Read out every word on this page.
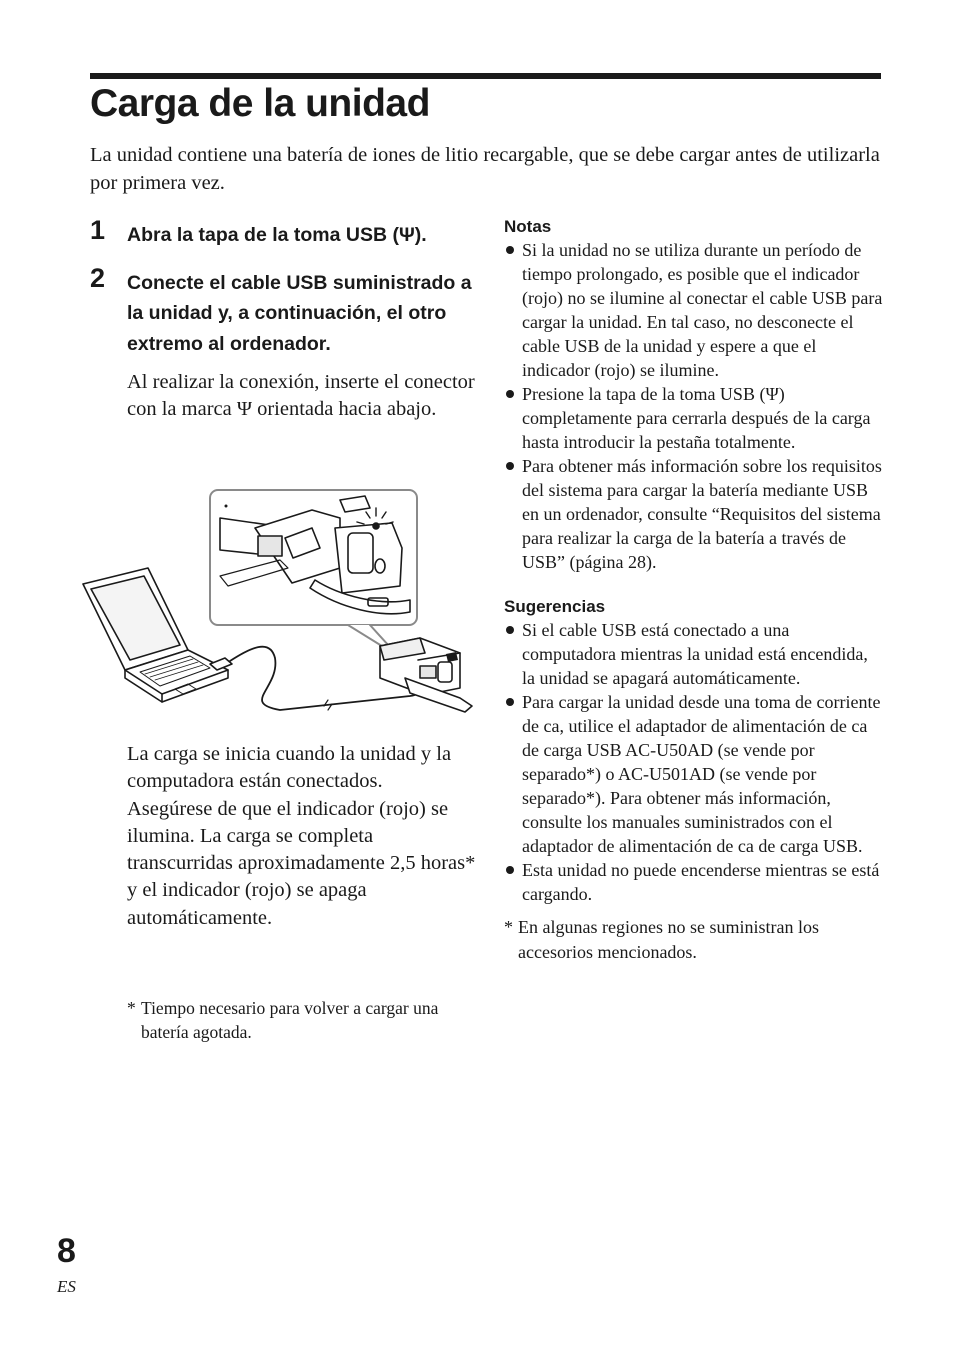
Carga de la unidad

La unidad contiene una batería de iones de litio recargable, que se debe cargar antes de utilizarla por primera vez.

1 Abra la tapa de la toma USB (Ψ).

2 Conecte el cable USB suministrado a la unidad y, a continuación, el otro extremo al ordenador.

Al realizar la conexión, inserte el conector con la marca Ψ orientada hacia abajo.

La carga se inicia cuando la unidad y la computadora están conectados.
Asegúrese de que el indicador (rojo) se ilumina. La carga se completa transcurridas aproximadamente 2,5 horas* y el indicador (rojo) se apaga automáticamente.
* Tiempo necesario para volver a cargar una batería agotada.
Notas
Si la unidad no se utiliza durante un período de tiempo prolongado, es posible que el indicador (rojo) no se ilumine al conectar el cable USB para cargar la unidad. En tal caso, no desconecte el cable USB de la unidad y espere a que el indicador (rojo) se ilumine.
Presione la tapa de la toma USB (Ψ) completamente para cerrarla después de la carga hasta introducir la pestaña totalmente.
Para obtener más información sobre los requisitos del sistema para cargar la batería mediante USB en un ordenador, consulte “Requisitos del sistema para realizar la carga de la batería a través de USB” (página 28).
Sugerencias
Si el cable USB está conectado a una computadora mientras la unidad está encendida, la unidad se apagará automáticamente.
Para cargar la unidad desde una toma de corriente de ca, utilice el adaptador de alimentación de ca de carga USB AC-U50AD (se vende por separado*) o AC-U501AD (se vende por separado*). Para obtener más información, consulte los manuales suministrados con el adaptador de alimentación de ca de carga USB.
Esta unidad no puede encenderse mientras se está cargando.
* En algunas regiones no se suministran los accesorios mencionados.
8
ES
